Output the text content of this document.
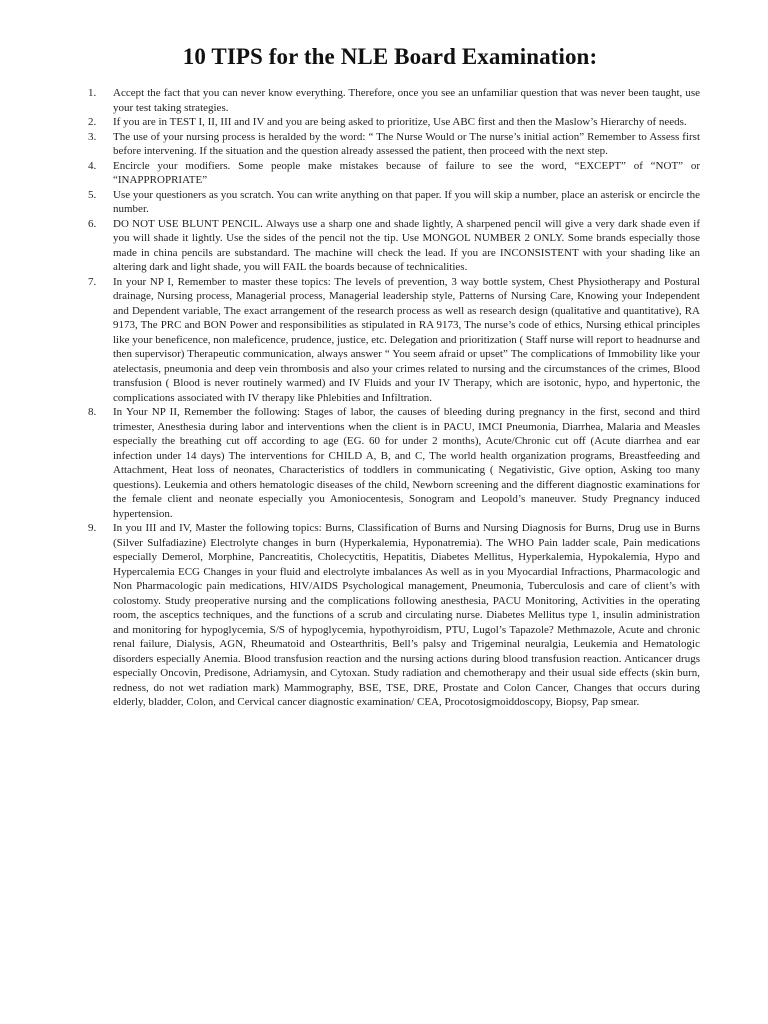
10 TIPS for the NLE Board Examination:
1. Accept the fact that you can never know everything. Therefore, once you see an unfamiliar question that was never been taught, use your test taking strategies.
2. If you are in TEST I, II, III and IV and you are being asked to prioritize, Use ABC first and then the Maslow’s Hierarchy of needs.
3. The use of your nursing process is heralded by the word: “ The Nurse Would or The nurse’s initial action” Remember to Assess first before intervening. If the situation and the question already assessed the patient, then proceed with the next step.
4. Encircle your modifiers. Some people make mistakes because of failure to see the word, “EXCEPT” of “NOT” or “INAPPROPRIATE”
5. Use your questioners as you scratch. You can write anything on that paper. If you will skip a number, place an asterisk or encircle the number.
6. DO NOT USE BLUNT PENCIL. Always use a sharp one and shade lightly, A sharpened pencil will give a very dark shade even if you will shade it lightly. Use the sides of the pencil not the tip. Use MONGOL NUMBER 2 ONLY. Some brands especially those made in china pencils are substandard. The machine will check the lead. If you are INCONSISTENT with your shading like an altering dark and light shade, you will FAIL the boards because of technicalities.
7. In your NP I, Remember to master these topics: The levels of prevention, 3 way bottle system, Chest Physiotherapy and Postural drainage, Nursing process, Managerial process, Managerial leadership style, Patterns of Nursing Care, Knowing your Independent and Dependent variable, The exact arrangement of the research process as well as research design (qualitative and quantitative), RA 9173, The PRC and BON Power and responsibilities as stipulated in RA 9173, The nurse’s code of ethics, Nursing ethical principles like your beneficence, non maleficence, prudence, justice, etc. Delegation and prioritization ( Staff nurse will report to headnurse and then supervisor) Therapeutic communication, always answer “ You seem afraid or upset” The complications of Immobility like your atelectasis, pneumonia and deep vein thrombosis and also your crimes related to nursing and the circumstances of the crimes, Blood transfusion ( Blood is never routinely warmed) and IV Fluids and your IV Therapy, which are isotonic, hypo, and hypertonic, the complications associated with IV therapy like Phlebities and Infiltration.
8. In Your NP II, Remember the following: Stages of labor, the causes of bleeding during pregnancy in the first, second and third trimester, Anesthesia during labor and interventions when the client is in PACU, IMCI Pneumonia, Diarrhea, Malaria and Measles especially the breathing cut off according to age (EG. 60 for under 2 months), Acute/Chronic cut off (Acute diarrhea and ear infection under 14 days) The interventions for CHILD A, B, and C, The world health organization programs, Breastfeeding and Attachment, Heat loss of neonates, Characteristics of toddlers in communicating ( Negativistic, Give option, Asking too many questions). Leukemia and others hematologic diseases of the child, Newborn screening and the different diagnostic examinations for the female client and neonate especially you Amoniocentesis, Sonogram and Leopold’s maneuver. Study Pregnancy induced hypertension.
9. In you III and IV, Master the following topics: Burns, Classification of Burns and Nursing Diagnosis for Burns, Drug use in Burns (Silver Sulfadiazine) Electrolyte changes in burn (Hyperkalemia, Hyponatremia). The WHO Pain ladder scale, Pain medications especially Demerol, Morphine, Pancreatitis, Cholecyctitis, Hepatitis, Diabetes Mellitus, Hyperkalemia, Hypokalemia, Hypo and Hypercalemia ECG Changes in your fluid and electrolyte imbalances As well as in you Myocardial Infractions, Pharmacologic and Non Pharmacologic pain medications, HIV/AIDS Psychological management, Pneumonia, Tuberculosis and care of client’s with colostomy. Study preoperative nursing and the complications following anesthesia, PACU Monitoring, Activities in the operating room, the asceptics techniques, and the functions of a scrub and circulating nurse. Diabetes Mellitus type 1, insulin administration and monitoring for hypoglycemia, S/S of hypoglycemia, hypothyroidism, PTU, Lugol’s Tapazole? Methmazole, Acute and chronic renal failure, Dialysis, AGN, Rheumatoid and Ostearthritis, Bell’s palsy and Trigeminal neuralgia, Leukemia and Hematologic disorders especially Anemia. Blood transfusion reaction and the nursing actions during blood transfusion reaction. Anticancer drugs especially Oncovin, Predisone, Adriamysin, and Cytoxan. Study radiation and chemotherapy and their usual side effects (skin burn, redness, do not wet radiation mark) Mammography, BSE, TSE, DRE, Prostate and Colon Cancer, Changes that occurs during elderly, bladder, Colon, and Cervical cancer diagnostic examination/ CEA, Procotosigmoiddoscopy, Biopsy, Pap smear.
